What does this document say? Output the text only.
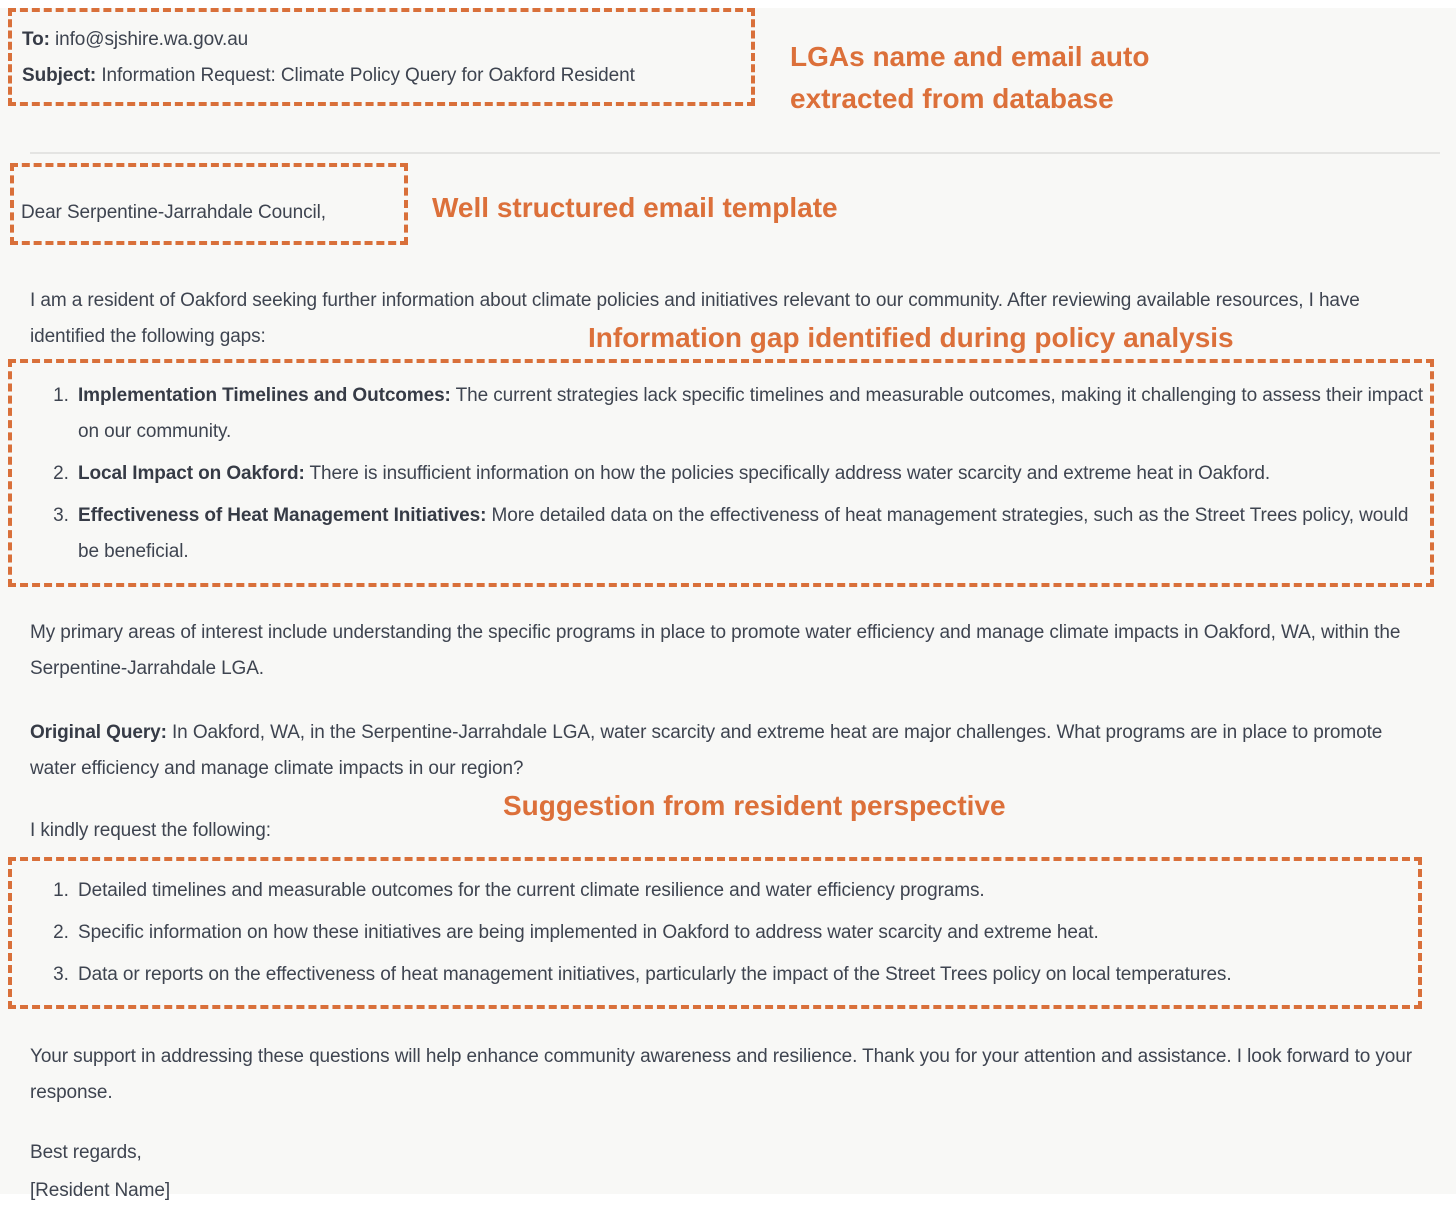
To: info@sjshire.wa.gov.au
Subject: Information Request: Climate Policy Query for Oakford Resident
LGAs name and email auto extracted from database
Dear Serpentine-Jarrahdale Council,	Well structured email template

I am a resident of Oakford seeking further information about climate policies and initiatives relevant to our community. After reviewing available resources, I have identified the following gaps:	Information gap identified during policy analysis
1. Implementation Timelines and Outcomes: The current strategies lack specific timelines and measurable outcomes, making it challenging to assess their impact on our community.
2. Local Impact on Oakford: There is insufficient information on how the policies specifically address water scarcity and extreme heat in Oakford.
3. Effectiveness of Heat Management Initiatives: More detailed data on the effectiveness of heat management strategies, such as the Street Trees policy, would be beneficial.

My primary areas of interest include understanding the specific programs in place to promote water efficiency and manage climate impacts in Oakford, WA, within the Serpentine-Jarrahdale LGA.

Original Query: In Oakford, WA, in the Serpentine-Jarrahdale LGA, water scarcity and extreme heat are major challenges. What programs are in place to promote water efficiency and manage climate impacts in our region?

I kindly request the following:

Suggestion from resident perspective
1. Detailed timelines and measurable outcomes for the current climate resilience and water efficiency programs.
2. Specific information on how these initiatives are being implemented in Oakford to address water scarcity and extreme heat.
3. Data or reports on the effectiveness of heat management initiatives, particularly the impact of the Street Trees policy on local temperatures.

Your support in addressing these questions will help enhance community awareness and resilience. Thank you for your attention and assistance. I look forward to your response.

Best regards,

[Resident Name]
